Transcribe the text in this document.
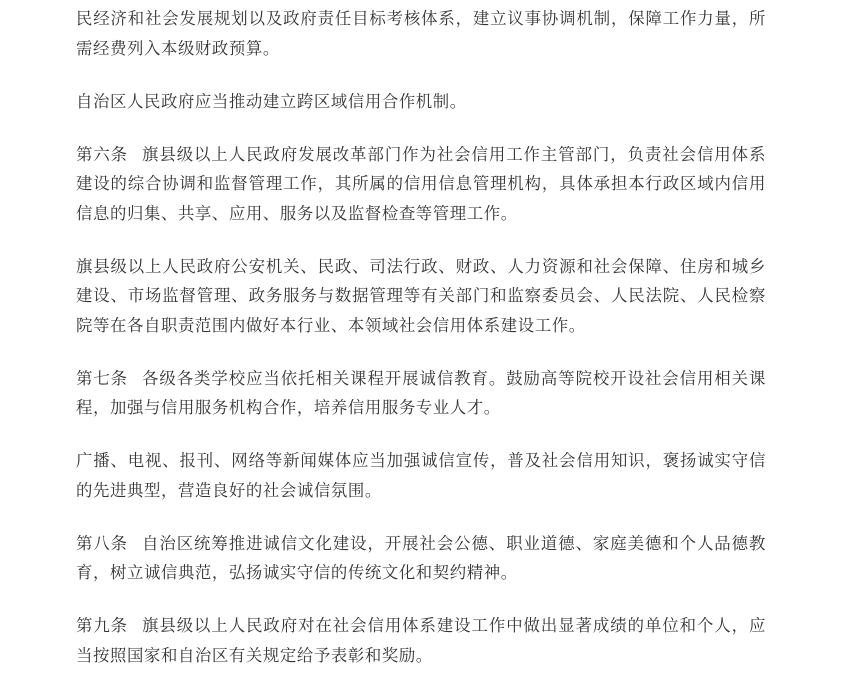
民经济和社会发展规划以及政府责任目标考核体系，建立议事协调机制，保障工作力量，所需经费列入本级财政预算。

自治区人民政府应当推动建立跨区域信用合作机制。

第六条 旗县级以上人民政府发展改革部门作为社会信用工作主管部门，负责社会信用体系建设的综合协调和监督管理工作，其所属的信用信息管理机构，具体承担本行政区域内信用信息的归集、共享、应用、服务以及监督检查等管理工作。

旗县级以上人民政府公安机关、民政、司法行政、财政、人力资源和社会保障、住房和城乡建设、市场监督管理、政务服务与数据管理等有关部门和监察委员会、人民法院、人民检察院等在各自职责范围内做好本行业、本领域社会信用体系建设工作。

第七条 各级各类学校应当依托相关课程开展诚信教育。鼓励高等院校开设社会信用相关课程，加强与信用服务机构合作，培养信用服务专业人才。

广播、电视、报刊、网络等新闻媒体应当加强诚信宣传，普及社会信用知识，褒扬诚实守信的先进典型，营造良好的社会诚信氛围。

第八条 自治区统筹推进诚信文化建设，开展社会公德、职业道德、家庭美德和个人品德教育，树立诚信典范，弘扬诚实守信的传统文化和契约精神。

第九条 旗县级以上人民政府对在社会信用体系建设工作中做出显著成绩的单位和个人，应当按照国家和自治区有关规定给予表彰和奖励。
